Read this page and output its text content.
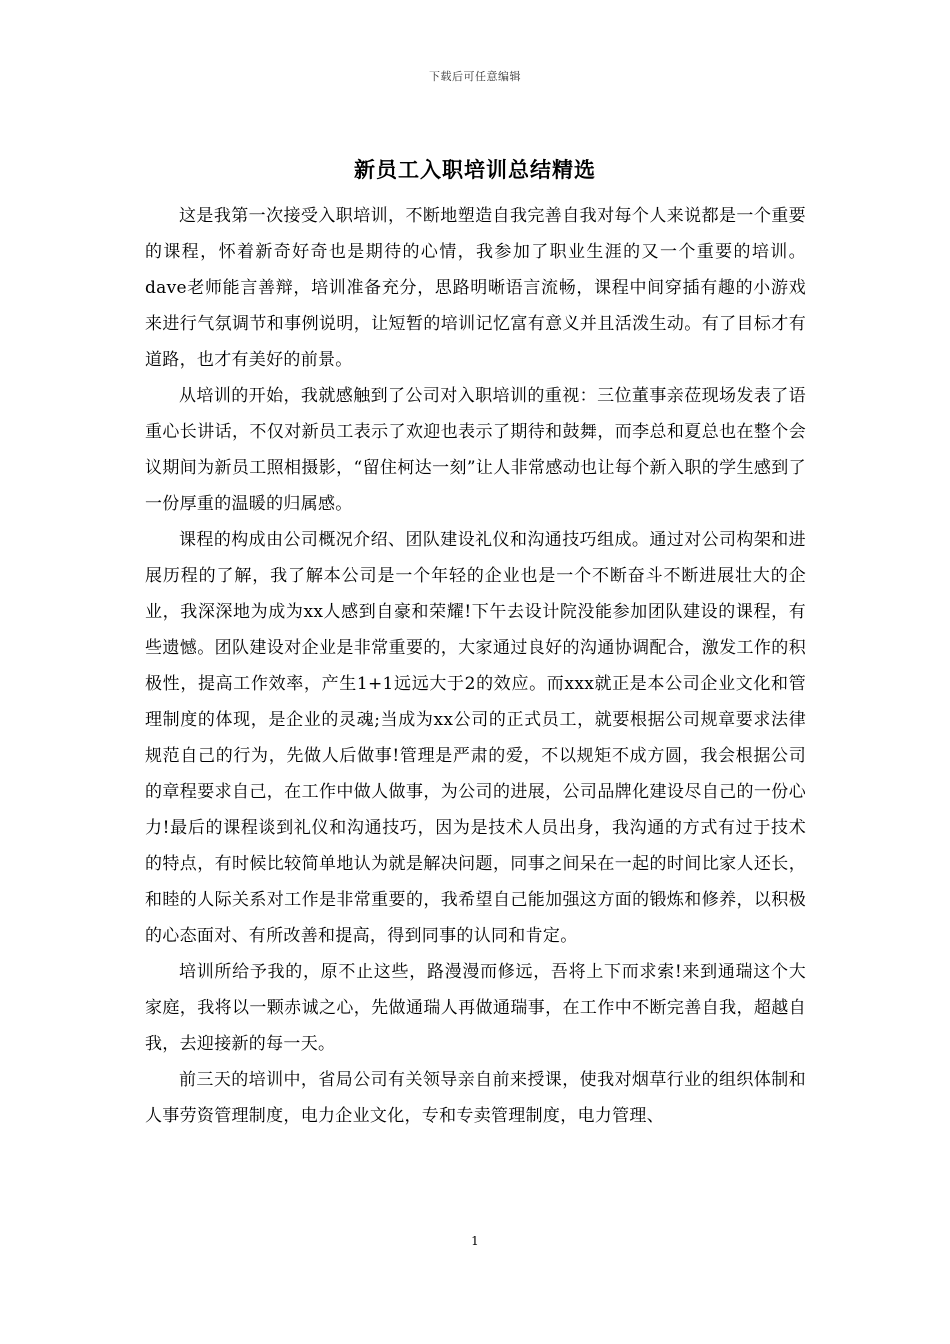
下载后可任意编辑
新员工入职培训总结精选

这是我第一次接受入职培训，不断地塑造自我完善自我对每个人来说都是一个重要的课程，怀着新奇好奇也是期待的心情，我参加了职业生涯的又一个重要的培训。dave老师能言善辩，培训准备充分，思路明晰语言流畅，课程中间穿插有趣的小游戏来进行气氛调节和事例说明，让短暂的培训记忆富有意义并且活泼生动。有了目标才有道路，也才有美好的前景。

从培训的开始，我就感触到了公司对入职培训的重视：三位董事亲莅现场发表了语重心长讲话，不仅对新员工表示了欢迎也表示了期待和鼓舞，而李总和夏总也在整个会议期间为新员工照相摄影，“留住柯达一刻”让人非常感动也让每个新入职的学生感到了一份厚重的温暖的归属感。

课程的构成由公司概况介绍、团队建设礼仪和沟通技巧组成。通过对公司构架和进展历程的了解，我了解本公司是一个年轻的企业也是一个不断奋斗不断进展壮大的企业，我深深地为成为xx人感到自豪和荣耀!下午去设计院没能参加团队建设的课程，有些遗憾。团队建设对企业是非常重要的，大家通过良好的沟通协调配合，激发工作的积极性，提高工作效率，产生1+1远远大于2的效应。而xxx就正是本公司企业文化和管理制度的体现，是企业的灵魂;当成为xx公司的正式员工，就要根据公司规章要求法律规范自己的行为，先做人后做事!管理是严肃的爱，不以规矩不成方圆，我会根据公司的章程要求自己，在工作中做人做事，为公司的进展，公司品牌化建设尽自己的一份心力!最后的课程谈到礼仪和沟通技巧，因为是技术人员出身，我沟通的方式有过于技术的特点，有时候比较简单地认为就是解决问题，同事之间呆在一起的时间比家人还长，和睦的人际关系对工作是非常重要的，我希望自己能加强这方面的锻炼和修养，以积极的心态面对、有所改善和提高，得到同事的认同和肯定。

培训所给予我的，原不止这些，路漫漫而修远，吾将上下而求索!来到通瑞这个大家庭，我将以一颗赤诚之心，先做通瑞人再做通瑞事，在工作中不断完善自我，超越自我，去迎接新的每一天。

前三天的培训中，省局公司有关领导亲自前来授课，使我对烟草行业的组织体制和人事劳资管理制度，电力企业文化，专和专卖管理制度，电力管理、

1
